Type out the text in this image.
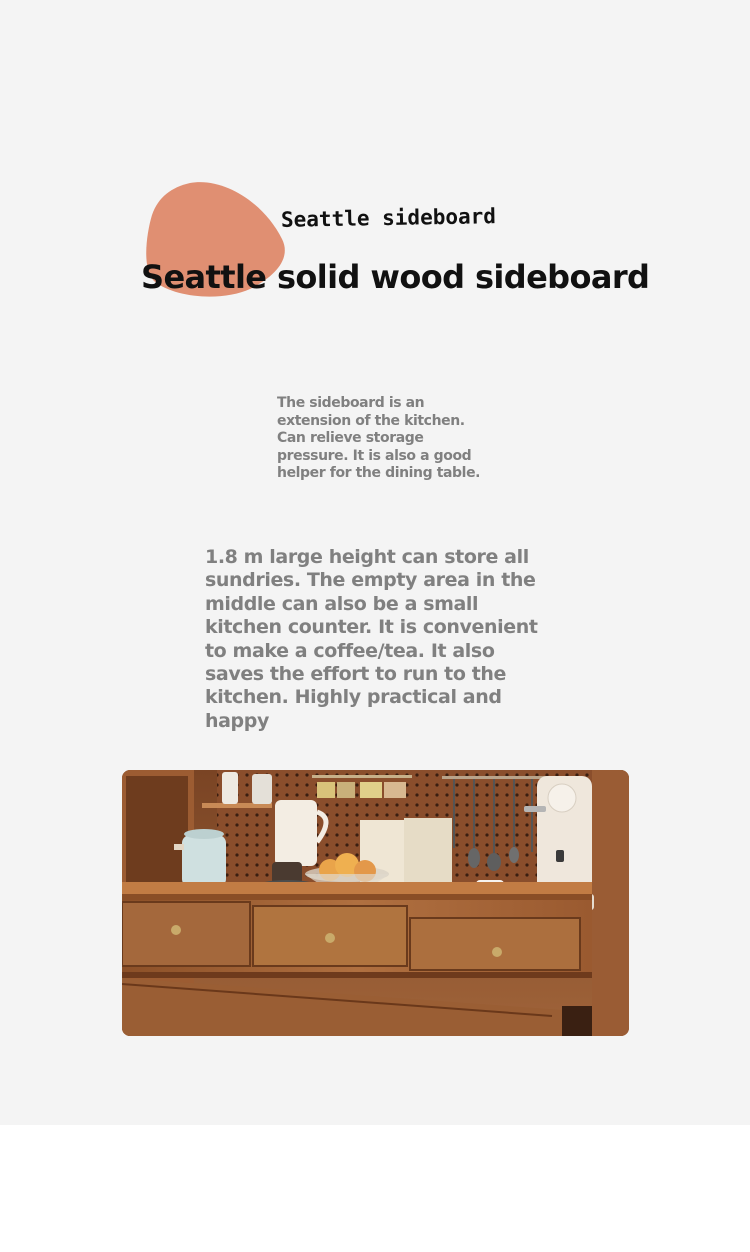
Seattle sideboard
Seattle solid wood sideboard

The sideboard is an extension of the kitchen. Can relieve storage pressure. It is also a good helper for the dining table.

1.8 m large height can store all sundries. The empty area in the middle can also be a small kitchen counter. It is convenient to make a coffee/tea. It also saves the effort to run to the kitchen. Highly practical and happy
